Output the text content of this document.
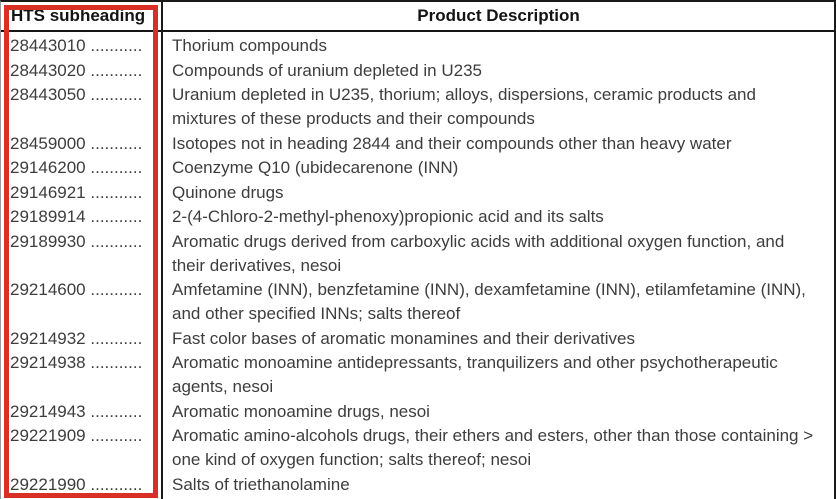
HTS subheading	Product Description
28443010 ...........	Thorium compounds
28443020 ...........	Compounds of uranium depleted in U235
28443050 ...........	Uranium depleted in U235, thorium; alloys, dispersions, ceramic products and
mixtures of these products and their compounds
28459000 ...........	Isotopes not in heading 2844 and their compounds other than heavy water
29146200 ...........	Coenzyme Q10 (ubidecarenone (INN)
29146921 ...........	Quinone drugs
29189914 ...........	2-(4-Chloro-2-methyl-phenoxy)propionic acid and its salts
29189930 ...........	Aromatic drugs derived from carboxylic acids with additional oxygen function, and
their derivatives, nesoi
29214600 ...........	Amfetamine (INN), benzfetamine (INN), dexamfetamine (INN), etilamfetamine (INN),
and other specified INNs; salts thereof
29214932 ...........	Fast color bases of aromatic monamines and their derivatives
29214938 ...........	Aromatic monoamine antidepressants, tranquilizers and other psychotherapeutic
agents, nesoi
29214943 ...........	Aromatic monoamine drugs, nesoi
29221909 ...........	Aromatic amino-alcohols drugs, their ethers and esters, other than those containing >
one kind of oxygen function; salts thereof; nesoi
29221990 ...........	Salts of triethanolamine
